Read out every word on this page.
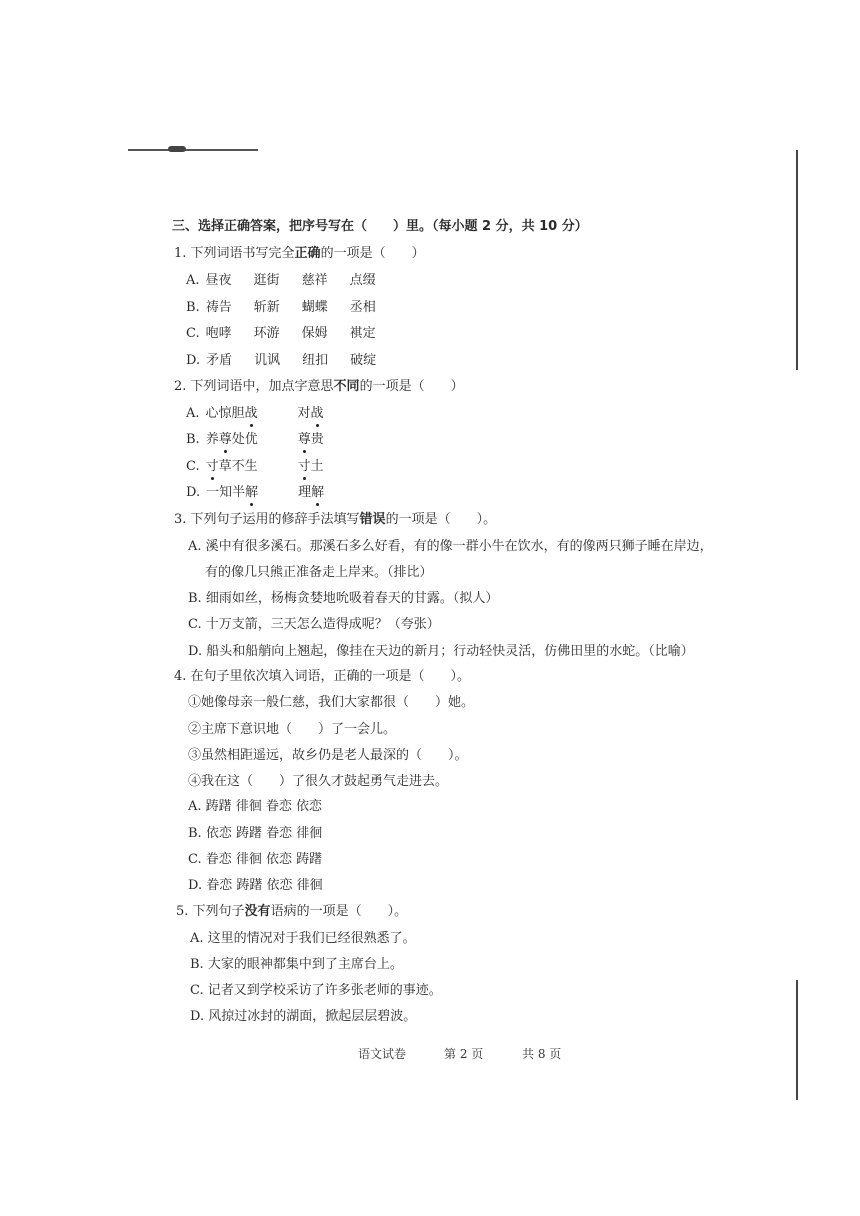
三、选择正确答案，把序号写在（　　）里。（每小题 2 分，共 10 分）
1. 下列词语书写完全正确的一项是（　　）
A. 昼夜 逛街 慈祥 点缀
B. 祷告 斩新 蝴蝶 丞相
C. 咆哮 环游 保姆 褀定
D. 矛盾 讥讽 纽扣 破绽
2. 下列词语中，加点字意思不同的一项是（　　）
A. 心惊胆战	对战
B. 养尊处优	尊贵
C. 寸草不生	寸土
D. 一知半解	理解
3. 下列句子运用的修辞手法填写错误的一项是（　　）。
A. 溪中有很多溪石。那溪石多么好看，有的像一群小牛在饮水，有的像两只狮子睡在岸边，
有的像几只熊正准备走上岸来。（排比）
B. 细雨如丝，杨梅贪婪地吮吸着春天的甘露。（拟人）
C. 十万支箭，三天怎么造得成呢？（夸张）
D. 船头和船艄向上翘起，像挂在天边的新月；行动轻快灵活，仿佛田里的水蛇。（比喻）
4. 在句子里依次填入词语，正确的一项是（　　）。
①她像母亲一般仁慈，我们大家都很（　　）她。
②主席下意识地（　　）了一会儿。
③虽然相距遥远，故乡仍是老人最深的（　　）。
④我在这（　　）了很久才鼓起勇气走进去。
A. 踌躇 徘徊 眷恋 依恋
B. 依恋 踌躇 眷恋 徘徊
C. 眷恋 徘徊 依恋 踌躇
D. 眷恋 踌躇 依恋 徘徊
5. 下列句子没有语病的一项是（　　）。
A. 这里的情况对于我们已经很熟悉了。
B. 大家的眼神都集中到了主席台上。
C. 记者又到学校采访了许多张老师的事迹。
D. 风掠过冰封的湖面，掀起层层碧波。
语文试卷	第 2 页	共 8 页
